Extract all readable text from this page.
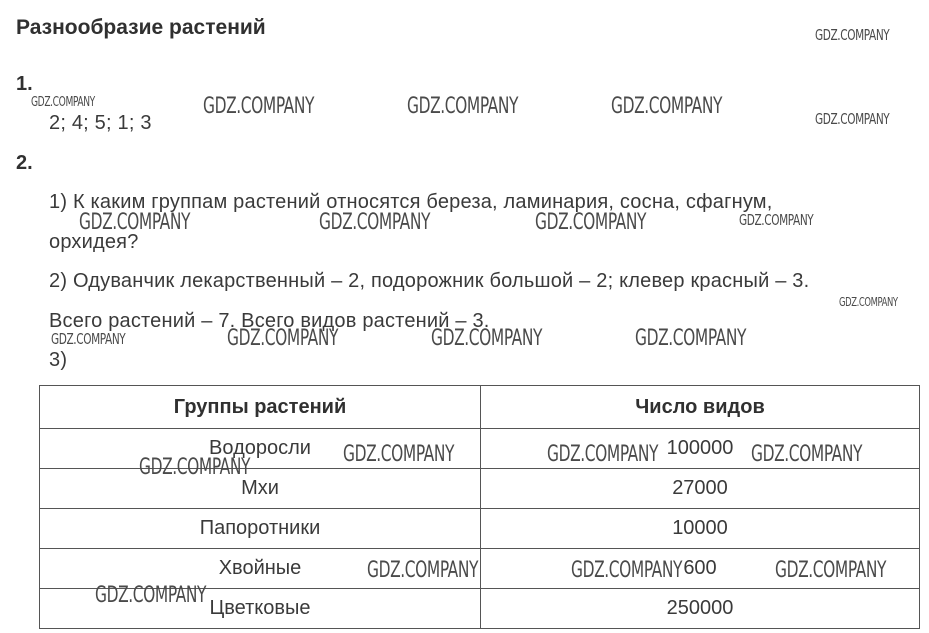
Разнообразие растений
1.
2; 4; 5; 1; 3
2.
1) К каким группам растений относятся береза, ламинария, сосна, сфагнум,
орхидея?
2) Одуванчик лекарственный – 2, подорожник большой – 2; клевер красный – 3.
Всего растений – 7. Всего видов растений – 3.
3)
Группы растений	Число видов
Водоросли	100000
Мхи	27000
Папоротники	10000
Хвойные	600
Цветковые	250000
GDZ.COMPANY
GDZ.COMPANY	GDZ.COMPANY	GDZ.COMPANY	GDZ.COMPANY	GDZ.COMPANY
GDZ.COMPANY	GDZ.COMPANY	GDZ.COMPANY	GDZ.COMPANY
GDZ.COMPANY
GDZ.COMPANY	GDZ.COMPANY	GDZ.COMPANY	GDZ.COMPANY
GDZ.COMPANY
GDZ.COMPANY	GDZ.COMPANY	GDZ.COMPANY
GDZ.COMPANY	GDZ.COMPANY	GDZ.COMPANY
GDZ.COMPANY
